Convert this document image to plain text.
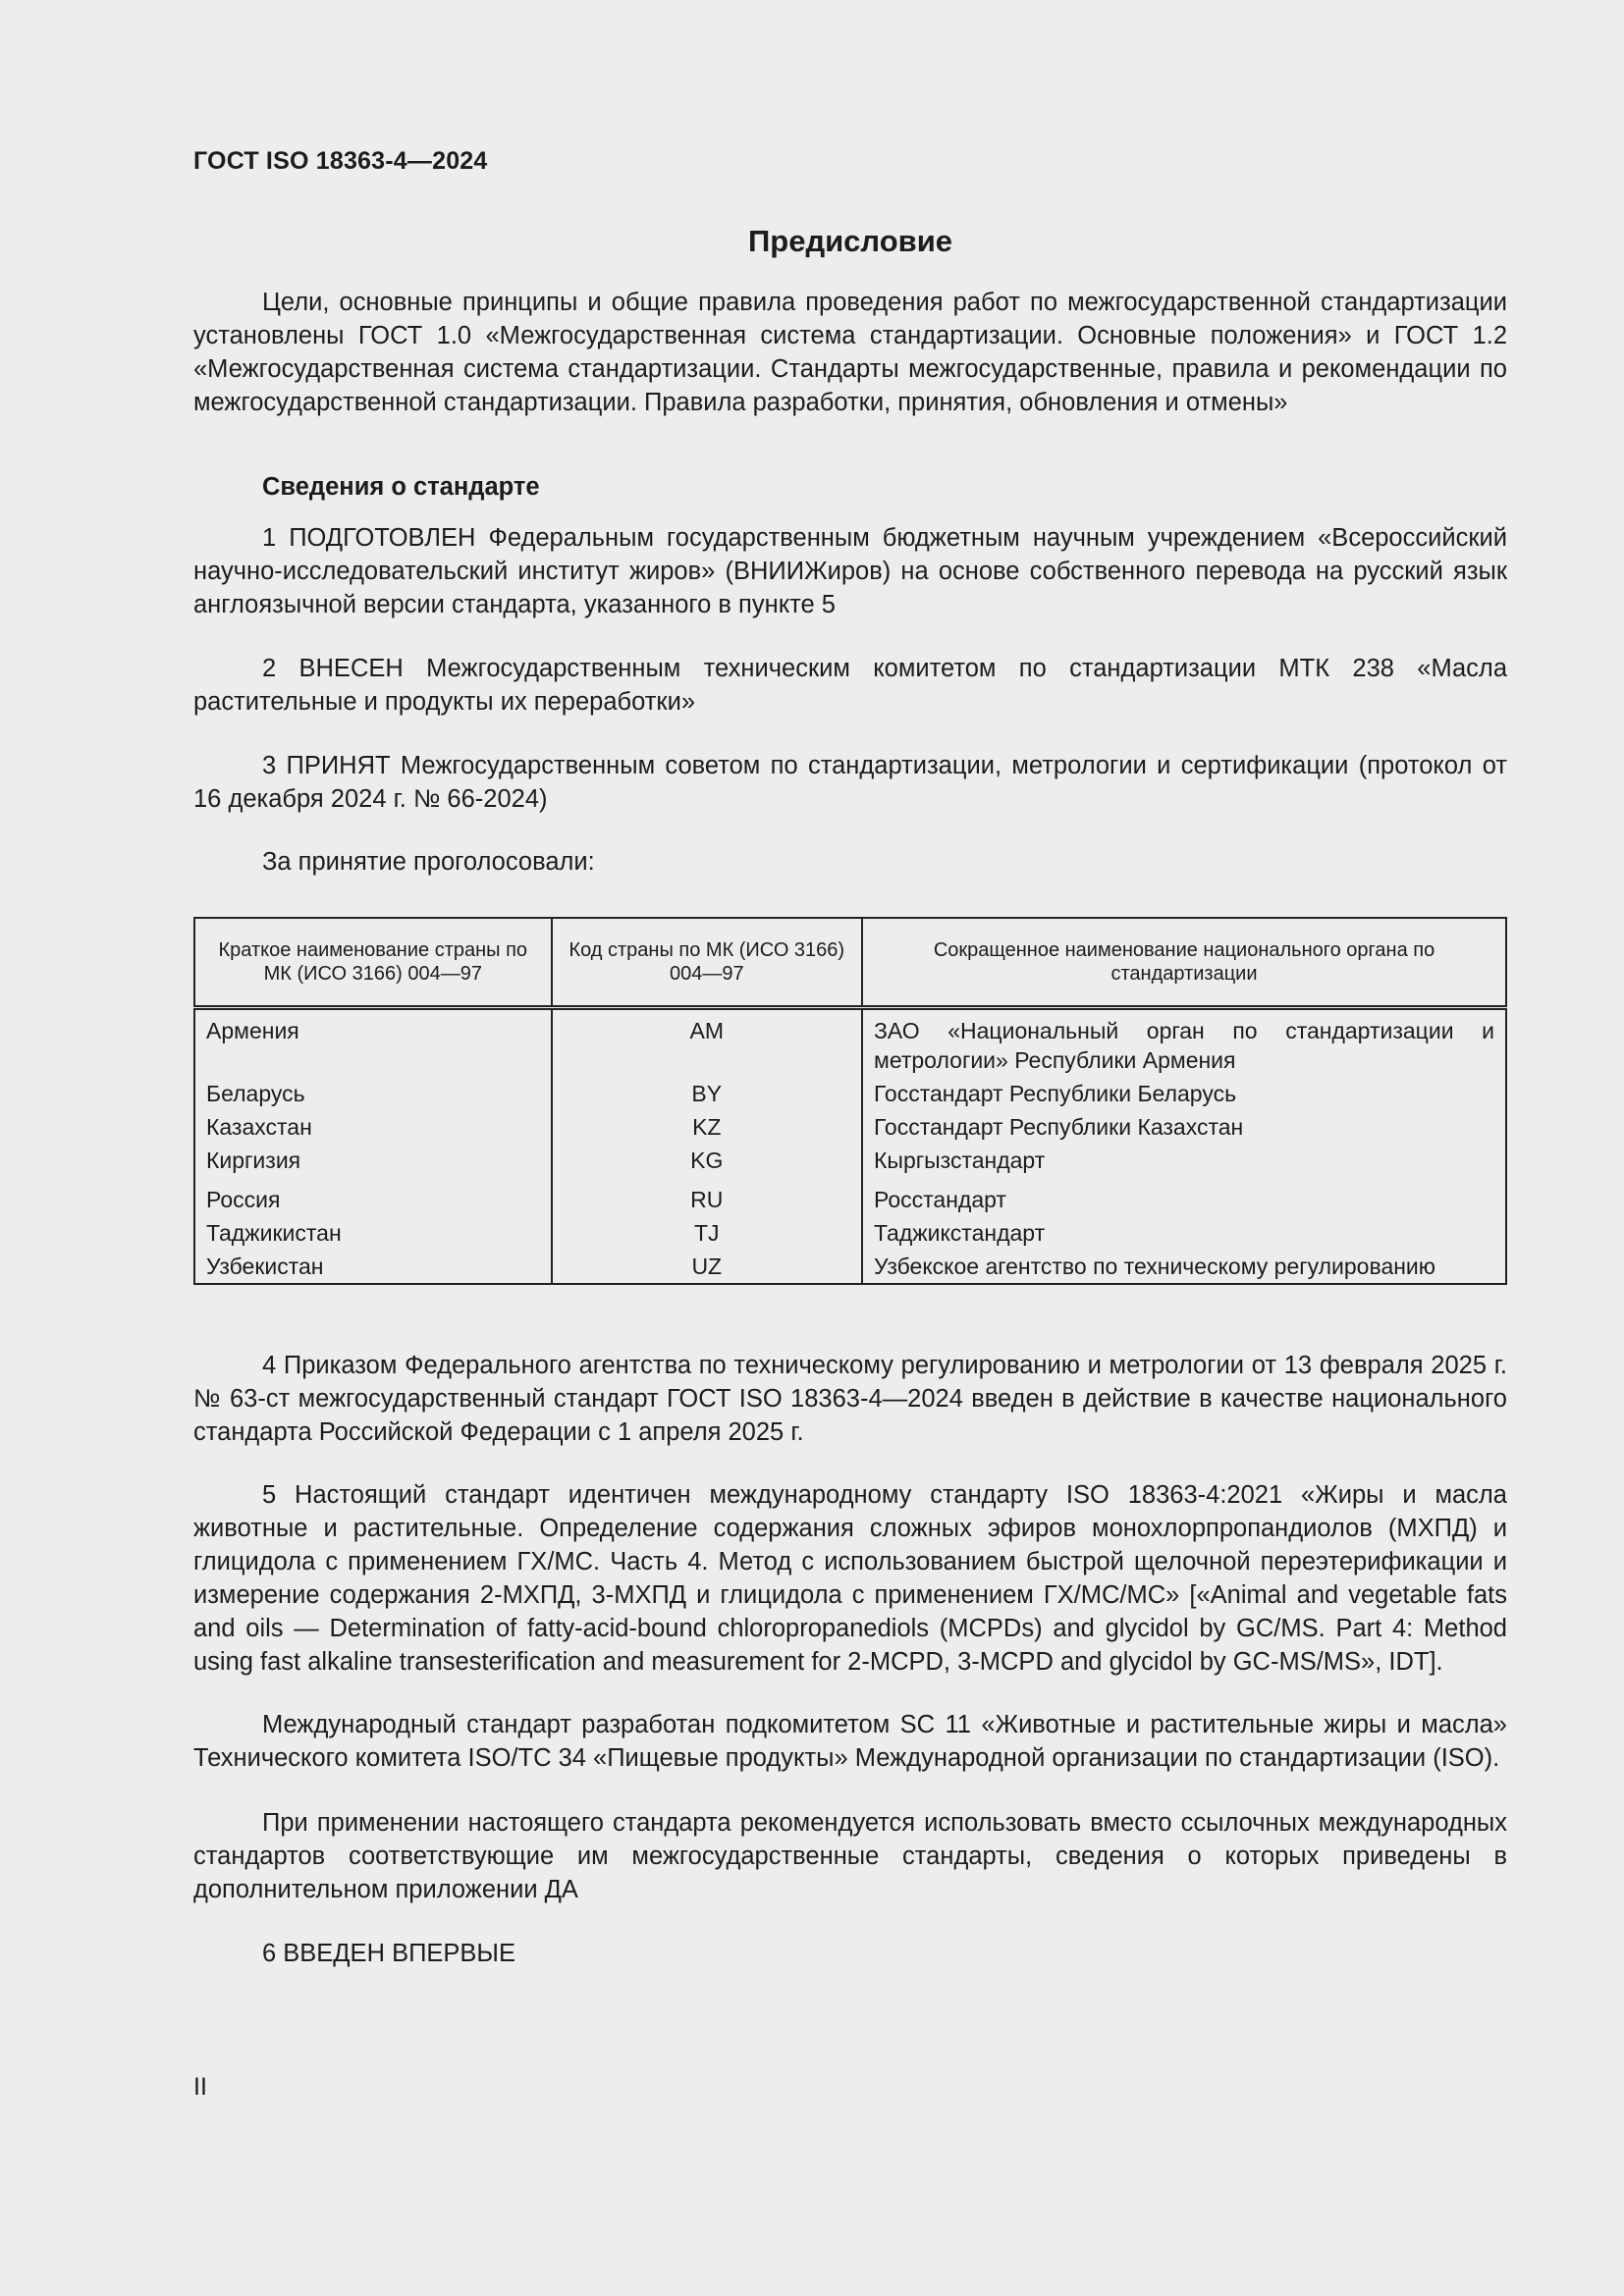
ГОСТ ISO 18363-4—2024
Предисловие
Цели, основные принципы и общие правила проведения работ по межгосударственной стандартизации установлены ГОСТ 1.0 «Межгосударственная система стандартизации. Основные положения» и ГОСТ 1.2 «Межгосударственная система стандартизации. Стандарты межгосударственные, правила и рекомендации по межгосударственной стандартизации. Правила разработки, принятия, обновления и отмены»
Сведения о стандарте
1 ПОДГОТОВЛЕН Федеральным государственным бюджетным научным учреждением «Всероссийский научно-исследовательский институт жиров» (ВНИИЖиров) на основе собственного перевода на русский язык англоязычной версии стандарта, указанного в пункте 5
2 ВНЕСЕН Межгосударственным техническим комитетом по стандартизации МТК 238 «Масла растительные и продукты их переработки»
3 ПРИНЯТ Межгосударственным советом по стандартизации, метрологии и сертификации (протокол от 16 декабря 2024 г. № 66-2024)
За принятие проголосовали:
Краткое наименование страны по МК (ИСО 3166) 004—97	Код страны по МК (ИСО 3166) 004—97	Сокращенное наименование национального органа по стандартизации
Армения	AM	ЗАО «Национальный орган по стандартизации и метрологии» Республики Армения
Беларусь	BY	Госстандарт Республики Беларусь
Казахстан	KZ	Госстандарт Республики Казахстан
Киргизия	KG	Кыргызстандарт
Россия	RU	Росстандарт
Таджикистан	TJ	Таджикстандарт
Узбекистан	UZ	Узбекское агентство по техническому регулированию
4 Приказом Федерального агентства по техническому регулированию и метрологии от 13 февраля 2025 г. № 63-ст межгосударственный стандарт ГОСТ ISO 18363-4—2024 введен в действие в качестве национального стандарта Российской Федерации с 1 апреля 2025 г.
5 Настоящий стандарт идентичен международному стандарту ISO 18363-4:2021 «Жиры и масла животные и растительные. Определение содержания сложных эфиров монохлорпропандиолов (МХПД) и глицидола с применением ГХ/МС. Часть 4. Метод с использованием быстрой щелочной переэтерификации и измерение содержания 2-МХПД, 3-МХПД и глицидола с применением ГХ/МС/МС» [«Animal and vegetable fats and oils — Determination of fatty-acid-bound chloropropanediols (MCPDs) and glycidol by GC/MS. Part 4: Method using fast alkaline transesterification and measurement for 2-MCPD, 3-MCPD and glycidol by GC-MS/MS», IDT].
Международный стандарт разработан подкомитетом SC 11 «Животные и растительные жиры и масла» Технического комитета ISO/TC 34 «Пищевые продукты» Международной организации по стандартизации (ISO).
При применении настоящего стандарта рекомендуется использовать вместо ссылочных международных стандартов соответствующие им межгосударственные стандарты, сведения о которых приведены в дополнительном приложении ДА
6 ВВЕДЕН ВПЕРВЫЕ
II
